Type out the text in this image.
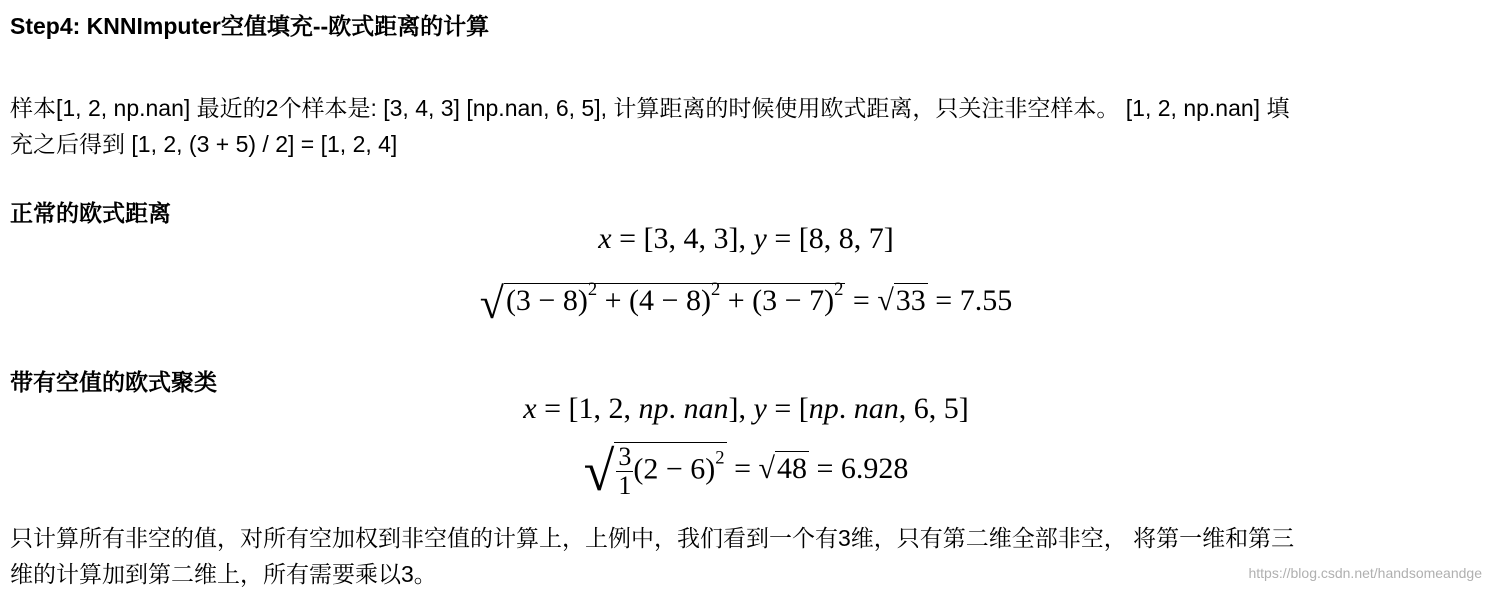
Step4: KNNImputer空值填充--欧式距离的计算
样本[1, 2, np.nan] 最近的2个样本是: [3, 4, 3] [np.nan, 6, 5], 计算距离的时候使用欧式距离，只关注非空样本。 [1, 2, np.nan] 填
充之后得到 [1, 2, (3 + 5) / 2] = [1, 2, 4]
正常的欧式距离
x = [3, 4, 3], y = [8, 8, 7]
$√(3 - 8)^2 + (4 - 8)^2 + (3 - 7)^2 = √33 = 7.55$
带有空值的欧式聚类
x = [1, 2, np. nan], y = [np. nan, 6, 5]
√ $\frac{3}{1} (2 - 6)^2 = √48 = 6.928$
只计算所有非空的值，对所有空加权到非空值的计算上，上例中，我们看到一个有3维，只有第二维全部非空， 将第一维和第三
维的计算加到第二维上，所有需要乘以3。	https://blog.csdn.net/handsomeandge
